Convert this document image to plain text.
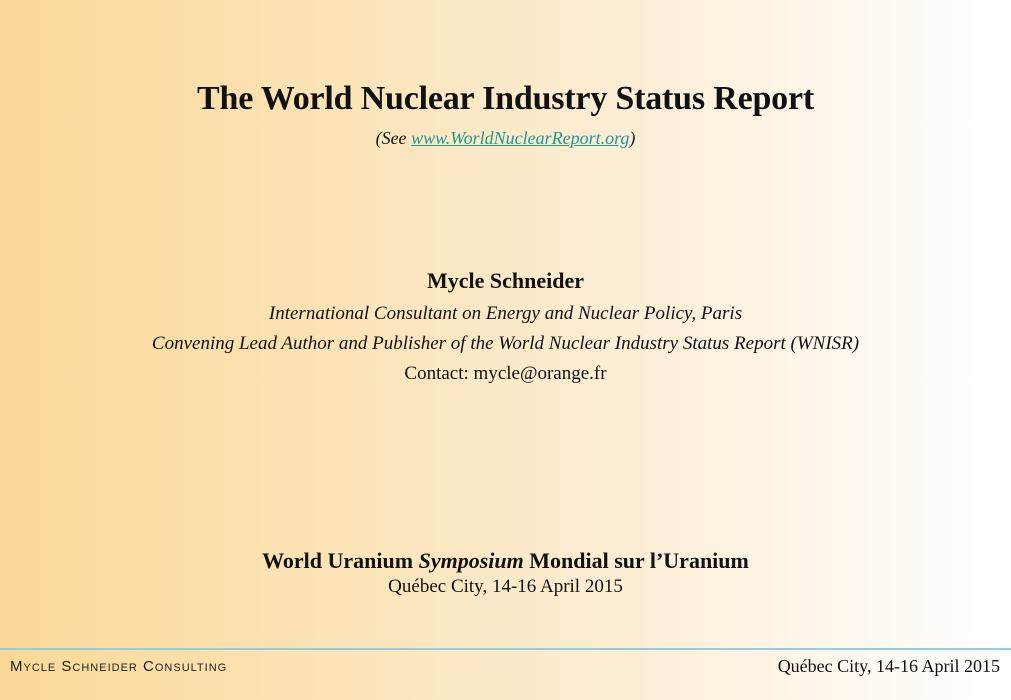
The World Nuclear Industry Status Report
(See www.WorldNuclearReport.org)
Mycle Schneider
International Consultant on Energy and Nuclear Policy, Paris
Convening Lead Author and Publisher of the World Nuclear Industry Status Report (WNISR)
Contact: mycle@orange.fr
World Uranium Symposium Mondial sur l’Uranium
Québec City, 14-16 April 2015
Mycle Schneider Consulting	Québec City, 14-16 April 2015
